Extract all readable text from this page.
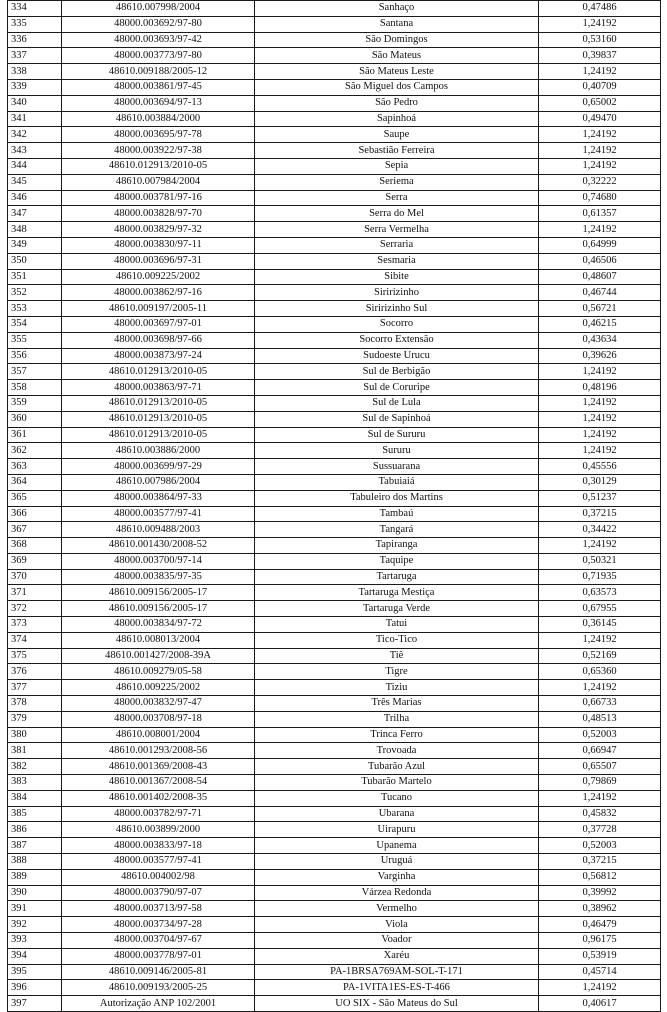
334	48610.007998/2004	Sanhaço	0,47486
335	48000.003692/97-80	Santana	1,24192
336	48000.003693/97-42	São Domingos	0,53160
337	48000.003773/97-80	São Mateus	0,39837
338	48610.009188/2005-12	São Mateus Leste	1,24192
339	48000.003861/97-45	São Miguel dos Campos	0,40709
340	48000.003694/97-13	São Pedro	0,65002
341	48610.003884/2000	Sapinhoá	0,49470
342	48000.003695/97-78	Saupe	1,24192
343	48000.003922/97-38	Sebastião Ferreira	1,24192
344	48610.012913/2010-05	Sepia	1,24192
345	48610.007984/2004	Seriema	0,32222
346	48000.003781/97-16	Serra	0,74680
347	48000.003828/97-70	Serra do Mel	0,61357
348	48000.003829/97-32	Serra Vermelha	1,24192
349	48000.003830/97-11	Serraria	0,64999
350	48000.003696/97-31	Sesmaria	0,46506
351	48610.009225/2002	Sibite	0,48607
352	48000.003862/97-16	Siririzinho	0,46744
353	48610.009197/2005-11	Siririzinho Sul	0,56721
354	48000.003697/97-01	Socorro	0,46215
355	48000.003698/97-66	Socorro Extensão	0,43634
356	48000.003873/97-24	Sudoeste Urucu	0,39626
357	48610.012913/2010-05	Sul de Berbigão	1,24192
358	48000.003863/97-71	Sul de Coruripe	0,48196
359	48610.012913/2010-05	Sul de Lula	1,24192
360	48610.012913/2010-05	Sul de Sapinhoá	1,24192
361	48610.012913/2010-05	Sul de Sururu	1,24192
362	48610.003886/2000	Sururu	1,24192
363	48000.003699/97-29	Sussuarana	0,45556
364	48610.007986/2004	Tabuiaiá	0,30129
365	48000.003864/97-33	Tabuleiro dos Martins	0,51237
366	48000.003577/97-41	Tambaú	0,37215
367	48610.009488/2003	Tangará	0,34422
368	48610.001430/2008-52	Tapiranga	1,24192
369	48000.003700/97-14	Taquipe	0,50321
370	48000.003835/97-35	Tartaruga	0,71935
371	48610.009156/2005-17	Tartaruga Mestiça	0,63573
372	48610.009156/2005-17	Tartaruga Verde	0,67955
373	48000.003834/97-72	Tatui	0,36145
374	48610.008013/2004	Tico-Tico	1,24192
375	48610.001427/2008-39A	Tiê	0,52169
376	48610.009279/05-58	Tigre	0,65360
377	48610.009225/2002	Tiziu	1,24192
378	48000.003832/97-47	Três Marias	0,66733
379	48000.003708/97-18	Trilha	0,48513
380	48610.008001/2004	Trinca Ferro	0,52003
381	48610.001293/2008-56	Trovoada	0,66947
382	48610.001369/2008-43	Tubarão Azul	0,65507
383	48610.001367/2008-54	Tubarão Martelo	0,79869
384	48610.001402/2008-35	Tucano	1,24192
385	48000.003782/97-71	Ubarana	0,45832
386	48610.003899/2000	Uirapuru	0,37728
387	48000.003833/97-18	Upanema	0,52003
388	48000.003577/97-41	Uruguá	0,37215
389	48610.004002/98	Varginha	0,56812
390	48000.003790/97-07	Várzea Redonda	0,39992
391	48000.003713/97-58	Vermelho	0,38962
392	48000.003734/97-28	Viola	0,46479
393	48000.003704/97-67	Voador	0,96175
394	48000.003778/97-01	Xaréu	0,53919
395	48610.009146/2005-81	PA-1BRSA769AM-SOL-T-171	0,45714
396	48610.009193/2005-25	PA-1VITA1ES-ES-T-466	1,24192
397	Autorização ANP 102/2001	UO SIX - São Mateus do Sul	0,40617
